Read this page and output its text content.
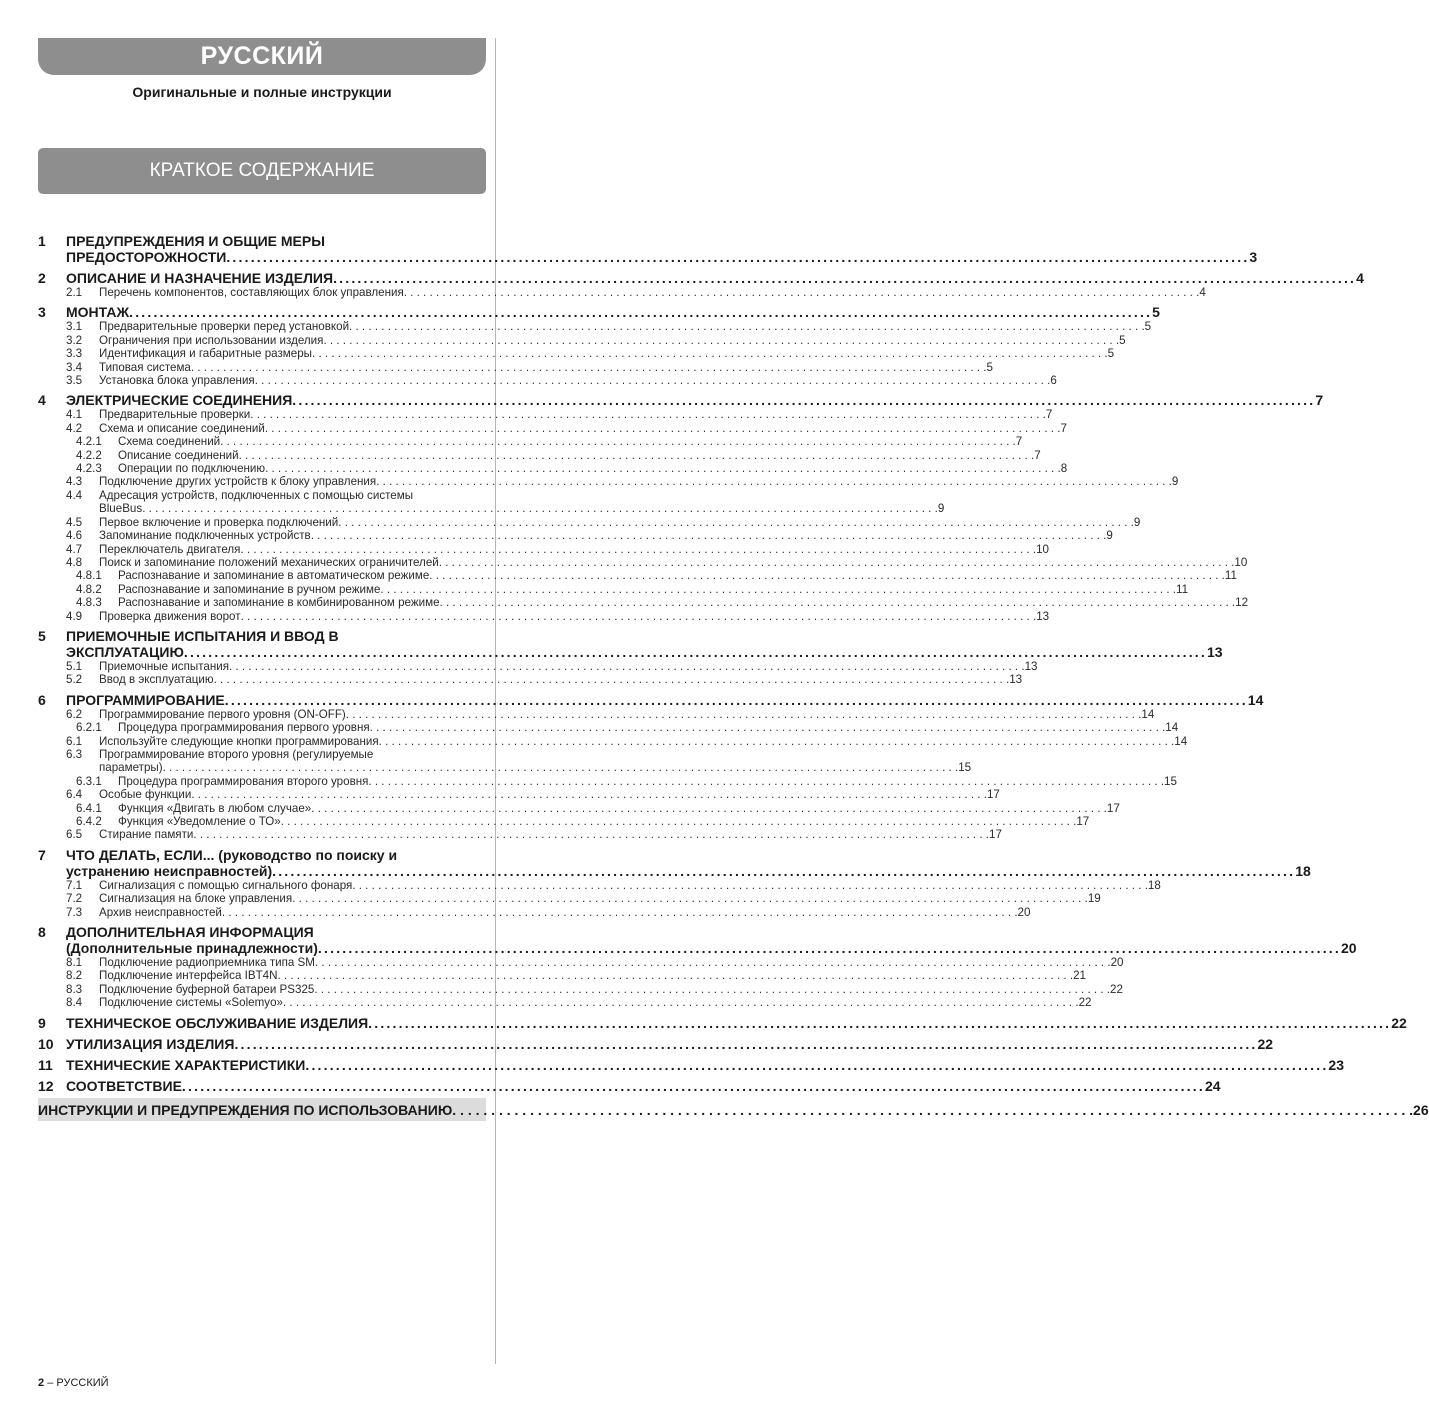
РУССКИЙ
Оригинальные и полные инструкции
КРАТКОЕ СОДЕРЖАНИЕ
1	ПРЕДУПРЕЖДЕНИЯ И ОБЩИЕ МЕРЫ
ПРЕДОСТОРОЖНОСТИ .....	3
2	ОПИСАНИЕ И НАЗНАЧЕНИЕ ИЗДЕЛИЯ .....	4
2.1	Перечень компонентов, составляющих блок управления . . .	4
3	МОНТАЖ .....	5
3.1	Предварительные проверки перед установкой . . .	5
3.2	Ограничения при использовании изделия . . .	5
3.3	Идентификация и габаритные размеры . . .	5
3.4	Типовая система . . .	5
3.5	Установка блока управления . . .	6
4	ЭЛЕКТРИЧЕСКИЕ СОЕДИНЕНИЯ .....	7
4.1	Предварительные проверки . . .	7
4.2	Схема и описание соединений . . .	7
4.2.1	Схема соединений . . .	7
4.2.2	Описание соединений . . .	7
4.2.3	Операции по подключению . . .	8
4.3	Подключение других устройств к блоку управления . . .	9
4.4	Адресация устройств, подключенных с помощью системы
BlueBus . . .	9
4.5	Первое включение и проверка подключений . . .	9
4.6	Запоминание подключенных устройств . . .	9
4.7	Переключатель двигателя . . .	10
4.8	Поиск и запоминание положений механических ограничителей . . .	10
4.8.1	Распознавание и запоминание в автоматическом режиме . . .	11
4.8.2	Распознавание и запоминание в ручном режиме . . .	11
4.8.3	Распознавание и запоминание в комбинированном режиме . . .	12
4.9	Проверка движения ворот . . .	13
5	ПРИЕМОЧНЫЕ ИСПЫТАНИЯ И ВВОД В
ЭКСПЛУАТАЦИЮ .....	13
5.1	Приемочные испытания . . .	13
5.2	Ввод в эксплуатацию . . .	13
6	ПРОГРАММИРОВАНИЕ .....	14
6.2	Программирование первого уровня (ON-OFF) . . .	14
6.2.1	Процедура программирования первого уровня . . .	14
6.1	Используйте следующие кнопки программирования . . .	14
6.3	Программирование второго уровня (регулируемые
параметры) . . .	15
6.3.1	Процедура программирования второго уровня . . .	15
6.4	Особые функции . . .	17
6.4.1	Функция «Двигать в любом случае» . . .	17
6.4.2	Функция «Уведомление о ТО» . . .	17
6.5	Стирание памяти . . .	17
7	ЧТО ДЕЛАТЬ, ЕСЛИ... (руководство по поиску и
устранению неисправностей) .....	18
7.1	Сигнализация с помощью сигнального фонаря . . .	18
7.2	Сигнализация на блоке управления . . .	19
7.3	Архив неисправностей . . .	20
8	ДОПОЛНИТЕЛЬНАЯ ИНФОРМАЦИЯ
(Дополнительные принадлежности) .....	20
8.1	Подключение радиоприемника типа SM . . .	20
8.2	Подключение интерфейса IBT4N . . .	21
8.3	Подключение буферной батареи PS325 . . .	22
8.4	Подключение системы «Solemyo» . . .	22
9	ТЕХНИЧЕСКОЕ ОБСЛУЖИВАНИЕ ИЗДЕЛИЯ .....	22
10 УТИЛИЗАЦИЯ ИЗДЕЛИЯ .....	22
11 ТЕХНИЧЕСКИЕ ХАРАКТЕРИСТИКИ .....	23
12 СООТВЕТСТВИЕ .....	24
ИНСТРУКЦИИ И ПРЕДУПРЕЖДЕНИЯ ПО ИСПОЛЬЗОВАНИЮ . . .	26
2 – РУССКИЙ
